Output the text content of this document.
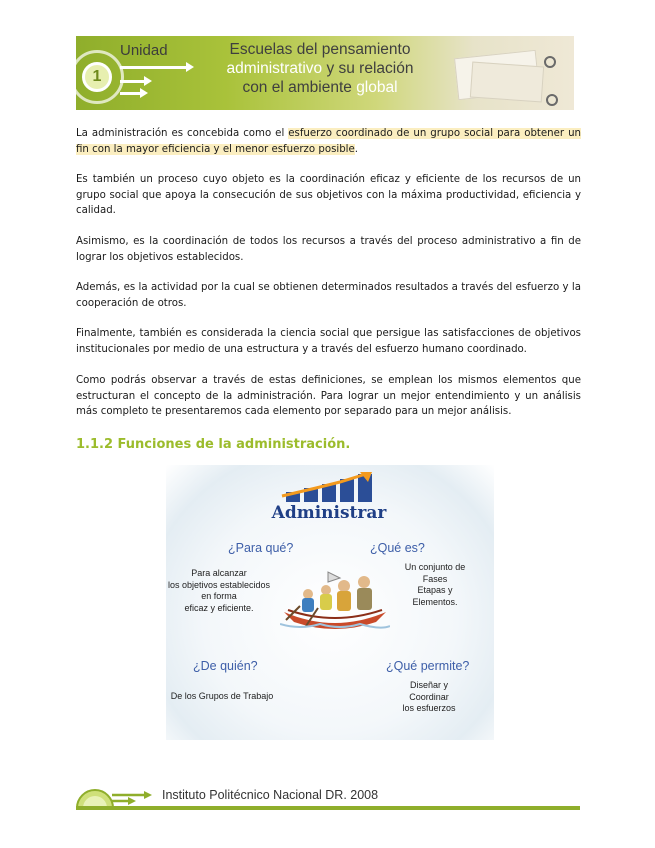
1
Unidad	Escuelas del pensamiento
administrativo y su relación
con el ambiente global

La administración es concebida como el esfuerzo coordinado de un grupo social para obtener un fin con la mayor eficiencia y el menor esfuerzo posible.

Es también un proceso cuyo objeto es la coordinación eficaz y eficiente de los recursos de un grupo social que apoya la consecución de sus objetivos con la máxima productividad, eficiencia y calidad.

Asimismo, es la coordinación de todos los recursos a través del proceso administrativo a fin de lograr los objetivos establecidos.

Además, es la actividad por la cual se obtienen determinados resultados a través del esfuerzo y la cooperación de otros.

Finalmente, también es considerada la ciencia social que persigue las satisfacciones de objetivos institucionales por medio de una estructura y a través del esfuerzo humano coordinado.

Como podrás observar a través de estas definiciones, se emplean los mismos elementos que estructuran el concepto de la administración. Para lograr un mejor entendimiento y un análisis más completo te presentaremos cada elemento por separado para un mejor análisis.

1.1.2 Funciones de la administración.
Administrar
¿Para qué?
Para alcanzar
los objetivos establecidos
en forma
eficaz y eficiente.
¿Qué es?
Un conjunto de
Fases
Etapas y
Elementos.
¿De quién?
De los Grupos de Trabajo
¿Qué permite?
Diseñar y
Coordinar
los esfuerzos
Instituto Politécnico Nacional DR. 2008
